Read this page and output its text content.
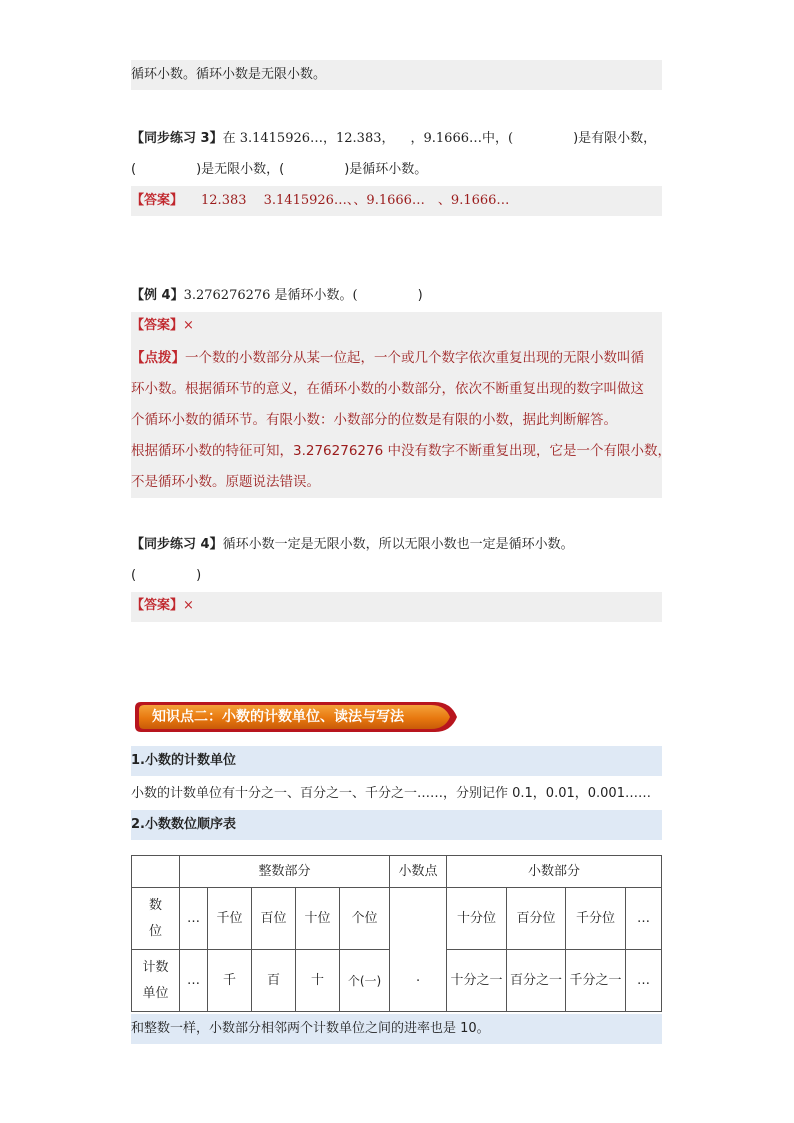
循环小数。循环小数是无限小数。
【同步练习 3】在 3.1415926…，12.383， ，9.1666…中，(	)是有限小数，
(	)是无限小数，(	)是循环小数。
【答案】 12.383　 3.1415926…、、9.1666…　、9.1666…
【例 4】3.276276276 是循环小数。(	)
【答案】×
【点拨】一个数的小数部分从某一位起，一个或几个数字依次重复出现的无限小数叫循
环小数。根据循环节的意义，在循环小数的小数部分，依次不断重复出现的数字叫做这
个循环小数的循环节。有限小数：小数部分的位数是有限的小数，据此判断解答。
根据循环小数的特征可知，3.276276276 中没有数字不断重复出现，它是一个有限小数，
不是循环小数。原题说法错误。
【同步练习 4】循环小数一定是无限小数，所以无限小数也一定是循环小数。
(	)
【答案】×
知识点二：小数的计数单位、读法与写法
1.小数的计数单位
小数的计数单位有十分之一、百分之一、千分之一……，分别记作 0.1，0.01，0.001……
2.小数数位顺序表
	整数部分					小数点	小数部分			

数
位	…	千位	百位	十位	个位	.	十分位	百分位	千分位	…

计数
单位	…	千	百	十	个(一)		十分之一	百分之一	千分之一	…
和整数一样，小数部分相邻两个计数单位之间的进率也是 10。
